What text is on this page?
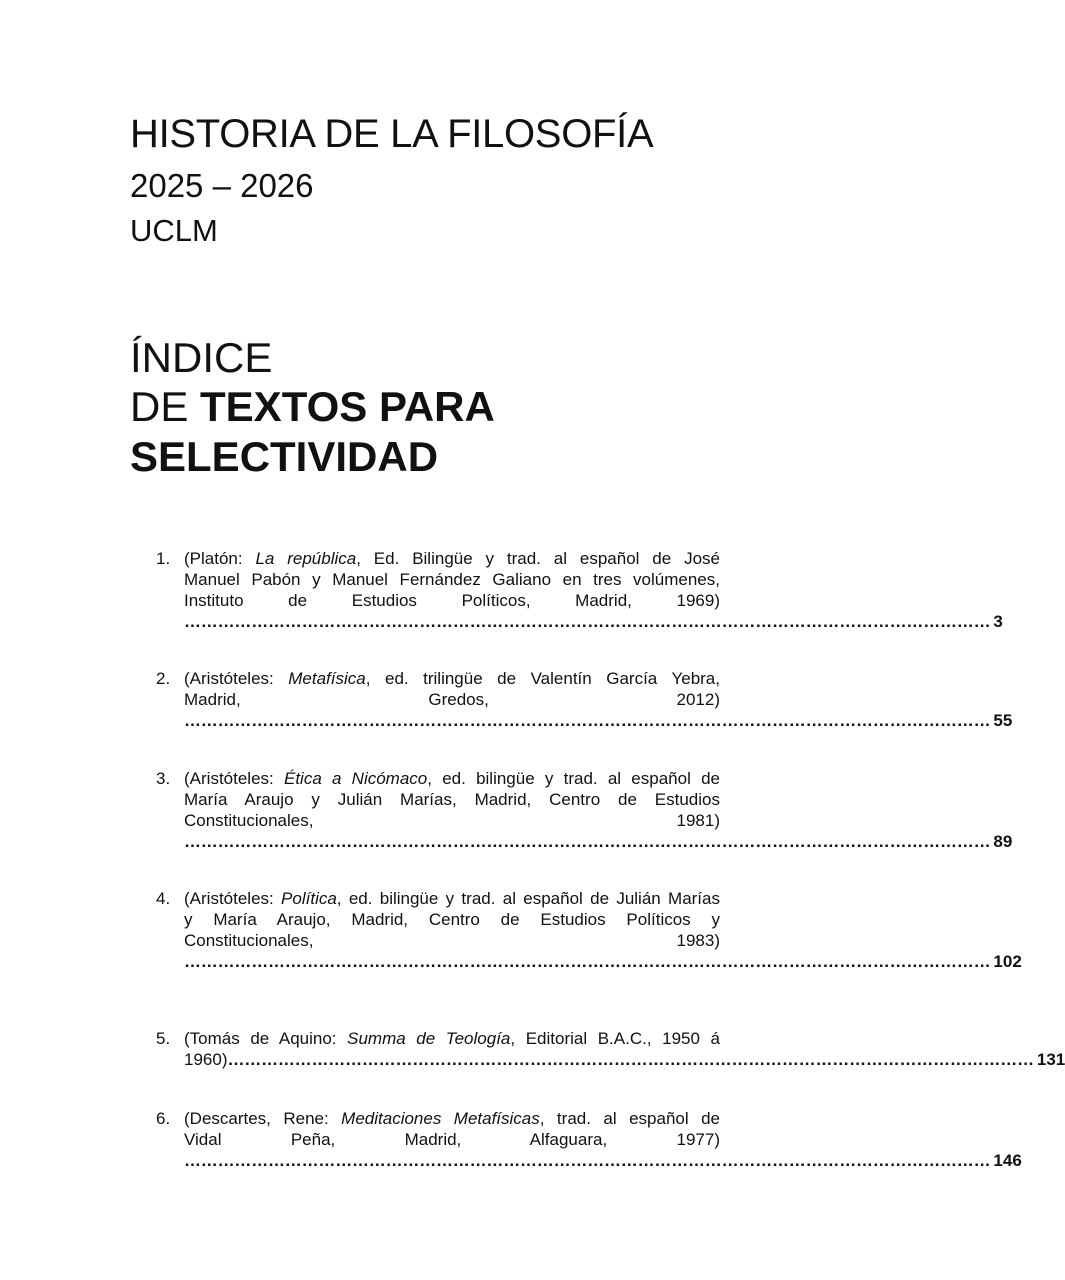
HISTORIA DE LA FILOSOFÍA
2025 – 2026
UCLM
ÍNDICE
DE TEXTOS PARA
SELECTIVIDAD
1. (Platón: La república, Ed. Bilingüe y trad. al español de José
Manuel Pabón y Manuel Fernández Galiano en tres volúmenes,
Instituto de Estudios Políticos, Madrid, 1969)
……………………………………………………………………………………………………………………………… 3
2. (Aristóteles: Metafísica, ed. trilingüe de Valentín García Yebra,
Madrid, Gredos, 2012)
……………………………………………………………………………………………………………………………… 55
3. (Aristóteles: Ética a Nicómaco, ed. bilingüe y trad. al español de
María Araujo y Julián Marías, Madrid, Centro de Estudios
Constitucionales, 1981)
……………………………………………………………………………………………………………………………… 89
4. (Aristóteles: Política, ed. bilingüe y trad. al español de Julián Marías
y María Araujo, Madrid, Centro de Estudios Políticos y
Constitucionales, 1983)
……………………………………………………………………………………………………………………………… 102
5. (Tomás de Aquino: Summa de Teología, Editorial B.A.C., 1950 á
1960) ……………………………………………………………………………………………………………………………… 131
6. (Descartes, Rene: Meditaciones Metafísicas, trad. al español de
Vidal Peña, Madrid, Alfaguara, 1977)
……………………………………………………………………………………………………………………………… 146
